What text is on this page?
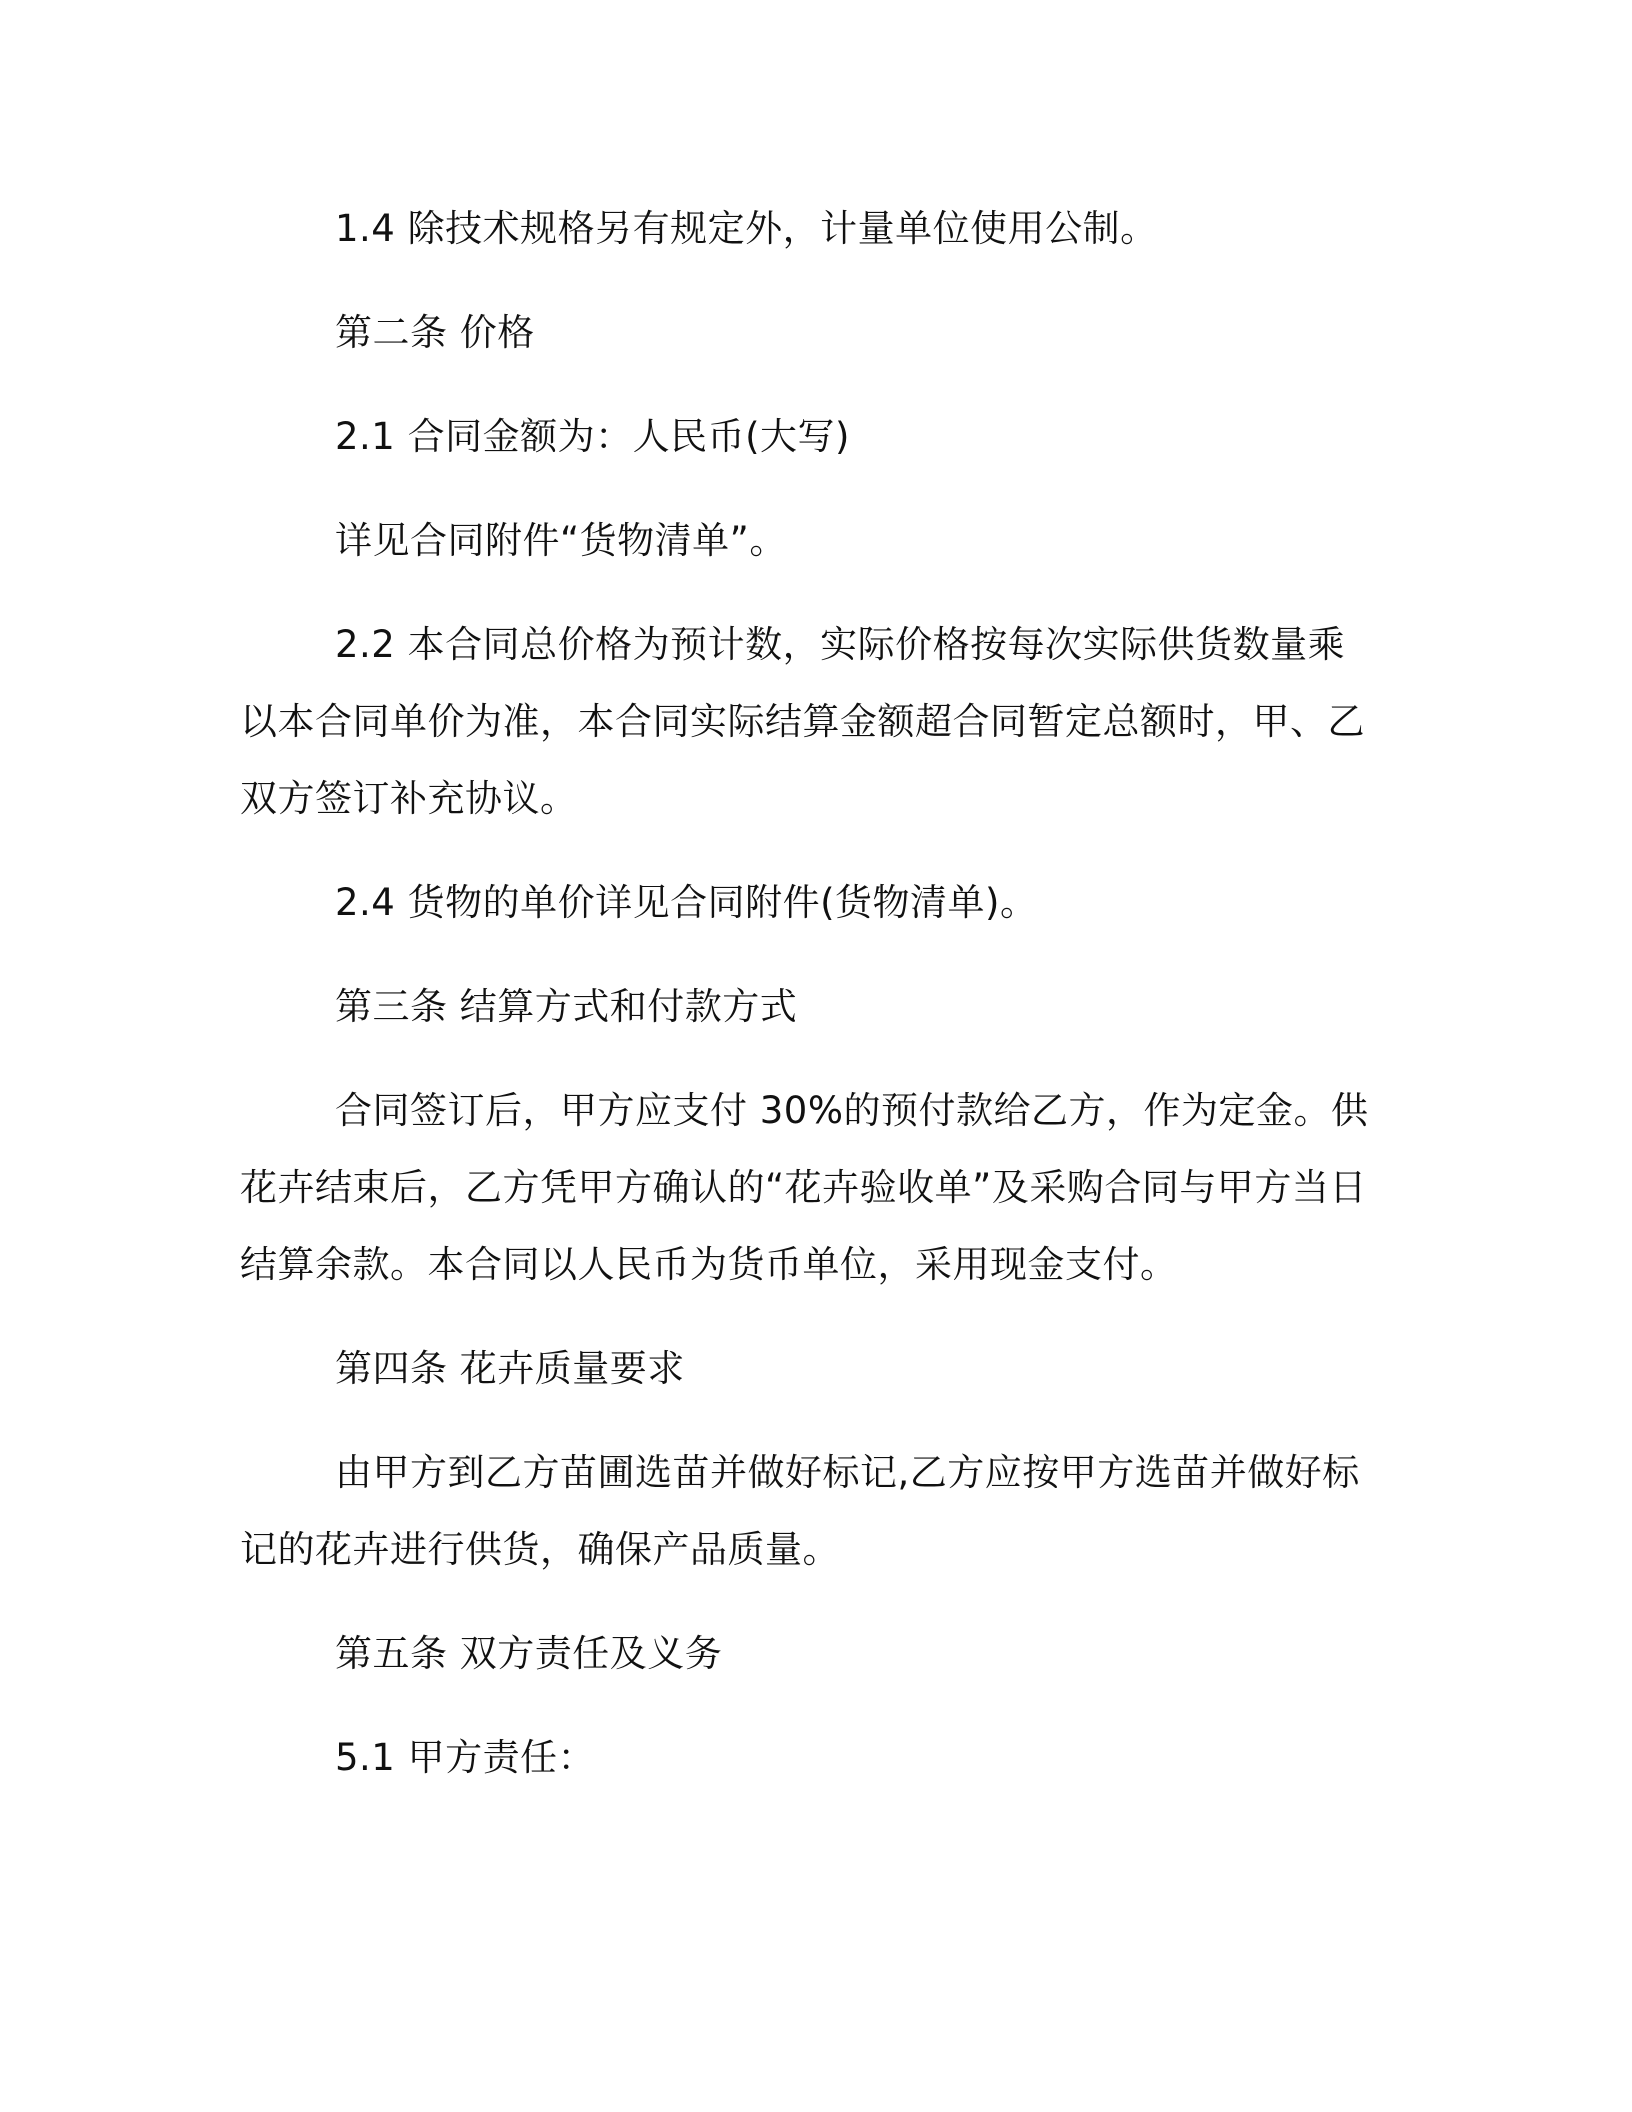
1.4 除技术规格另有规定外，计量单位使用公制。

第二条 价格

2.1 合同金额为：人民币(大写)

详见合同附件“货物清单”。

2.2 本合同总价格为预计数，实际价格按每次实际供货数量乘以本合同单价为准，本合同实际结算金额超合同暂定总额时，甲、乙双方签订补充协议。

2.4 货物的单价详见合同附件(货物清单)。

第三条 结算方式和付款方式

合同签订后，甲方应支付 30%的预付款给乙方，作为定金。供花卉结束后，乙方凭甲方确认的“花卉验收单”及采购合同与甲方当日结算余款。本合同以人民币为货币单位，采用现金支付。

第四条 花卉质量要求

由甲方到乙方苗圃选苗并做好标记,乙方应按甲方选苗并做好标记的花卉进行供货，确保产品质量。

第五条 双方责任及义务

5.1 甲方责任：
